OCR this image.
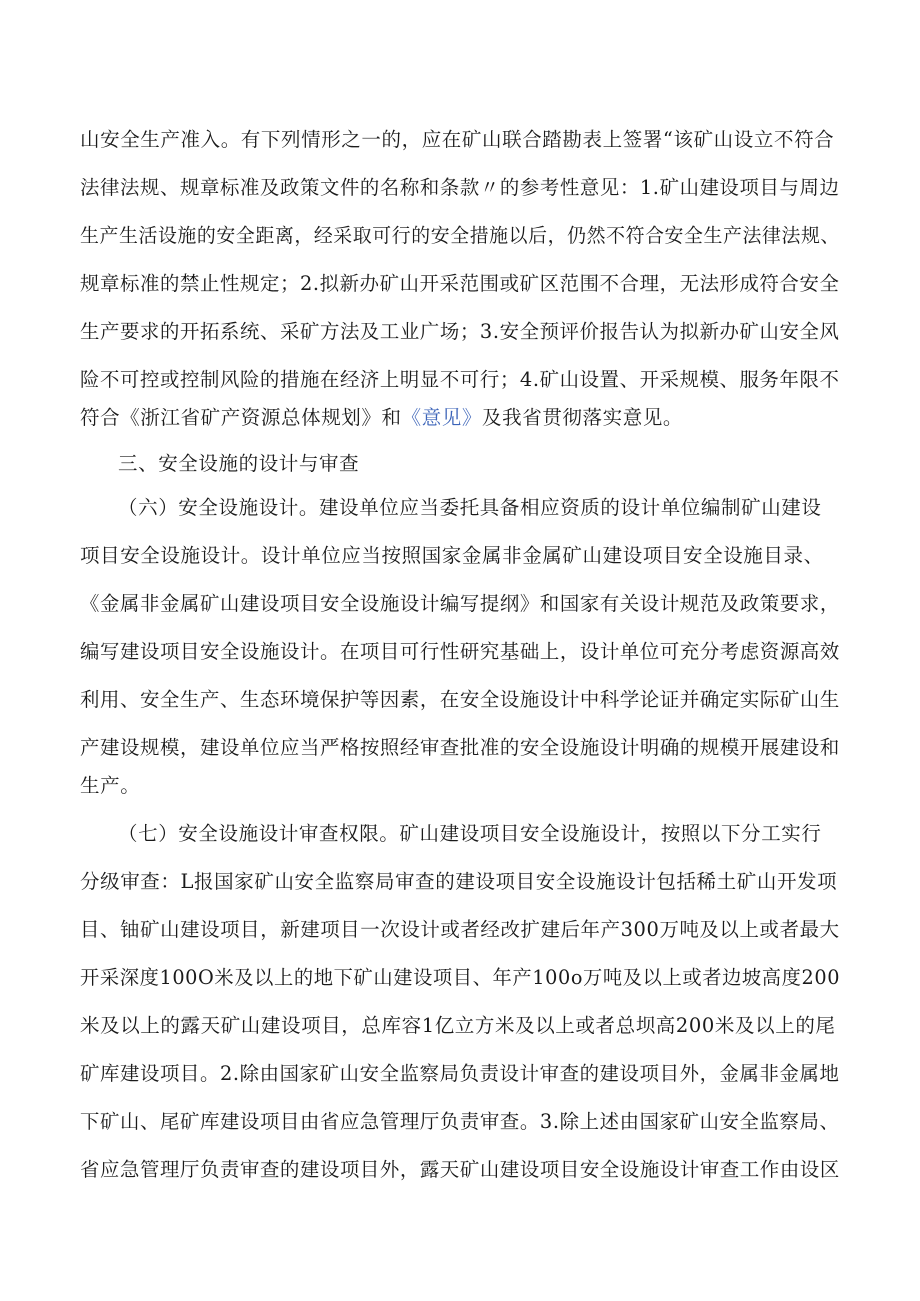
山安全生产准入。有下列情形之一的，应在矿山联合踏勘表上签署“该矿山设立不符合

法律法规、规章标准及政策文件的名称和条款〃的参考性意见：1.矿山建设项目与周边

生产生活设施的安全距离，经采取可行的安全措施以后，仍然不符合安全生产法律法规、

规章标准的禁止性规定；2.拟新办矿山开采范围或矿区范围不合理，无法形成符合安全

生产要求的开拓系统、采矿方法及工业广场；3.安全预评价报告认为拟新办矿山安全风

险不可控或控制风险的措施在经济上明显不可行；4.矿山设置、开采规模、服务年限不

符合《浙江省矿产资源总体规划》和《意见》及我省贯彻落实意见。

三、安全设施的设计与审查

（六）安全设施设计。建设单位应当委托具备相应资质的设计单位编制矿山建设

项目安全设施设计。设计单位应当按照国家金属非金属矿山建设项目安全设施目录、

《金属非金属矿山建设项目安全设施设计编写提纲》和国家有关设计规范及政策要求，

编写建设项目安全设施设计。在项目可行性研究基础上，设计单位可充分考虑资源高效

利用、安全生产、生态环境保护等因素，在安全设施设计中科学论证并确定实际矿山生

产建设规模，建设单位应当严格按照经审查批准的安全设施设计明确的规模开展建设和

生产。

（七）安全设施设计审查权限。矿山建设项目安全设施设计，按照以下分工实行

分级审查：L报国家矿山安全监察局审查的建设项目安全设施设计包括稀土矿山开发项

目、铀矿山建设项目，新建项目一次设计或者经改扩建后年产300万吨及以上或者最大

开采深度100O米及以上的地下矿山建设项目、年产100o万吨及以上或者边坡高度200

米及以上的露天矿山建设项目，总库容1亿立方米及以上或者总坝高200米及以上的尾

矿库建设项目。2.除由国家矿山安全监察局负责设计审查的建设项目外，金属非金属地

下矿山、尾矿库建设项目由省应急管理厅负责审查。3.除上述由国家矿山安全监察局、

省应急管理厅负责审查的建设项目外，露天矿山建设项目安全设施设计审查工作由设区
